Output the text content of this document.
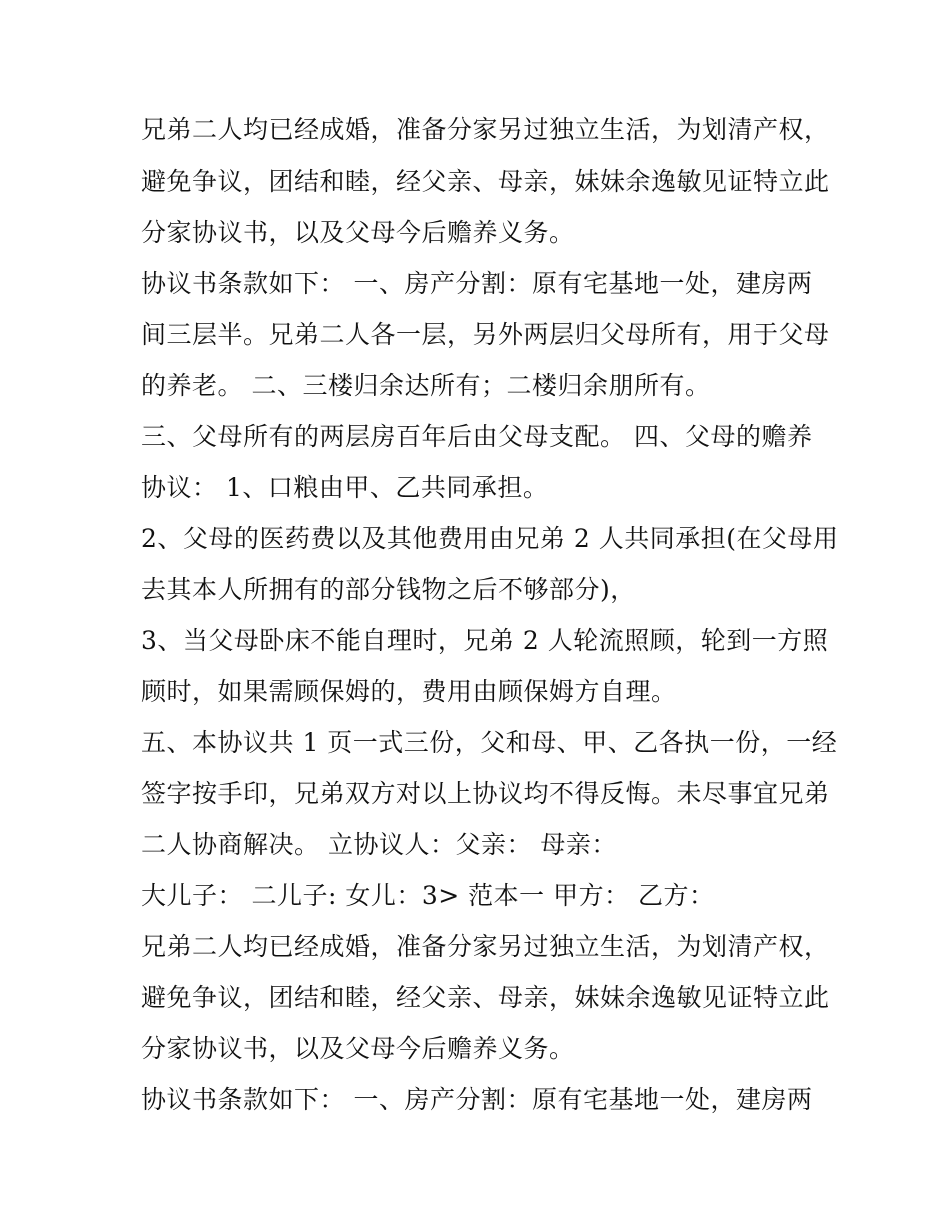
兄弟二人均已经成婚，准备分家另过独立生活，为划清产权，
避免争议，团结和睦，经父亲、母亲，妹妹余逸敏见证特立此
分家协议书，以及父母今后赡养义务。
协议书条款如下： 一、房产分割：原有宅基地一处，建房两
间三层半。兄弟二人各一层，另外两层归父母所有，用于父母
的养老。 二、三楼归余达所有；二楼归余朋所有。
三、父母所有的两层房百年后由父母支配。 四、父母的赡养
协议： 1、口粮由甲、乙共同承担。
2、父母的医药费以及其他费用由兄弟 2 人共同承担(在父母用
去其本人所拥有的部分钱物之后不够部分)，
3、当父母卧床不能自理时，兄弟 2 人轮流照顾，轮到一方照
顾时，如果需顾保姆的，费用由顾保姆方自理。
五、本协议共 1 页一式三份，父和母、甲、乙各执一份，一经
签字按手印，兄弟双方对以上协议均不得反悔。未尽事宜兄弟
二人协商解决。 立协议人：父亲： 母亲：
大儿子： 二儿子: 女儿：3> 范本一 甲方： 乙方：
兄弟二人均已经成婚，准备分家另过独立生活，为划清产权，
避免争议，团结和睦，经父亲、母亲，妹妹余逸敏见证特立此
分家协议书，以及父母今后赡养义务。
协议书条款如下： 一、房产分割：原有宅基地一处，建房两
